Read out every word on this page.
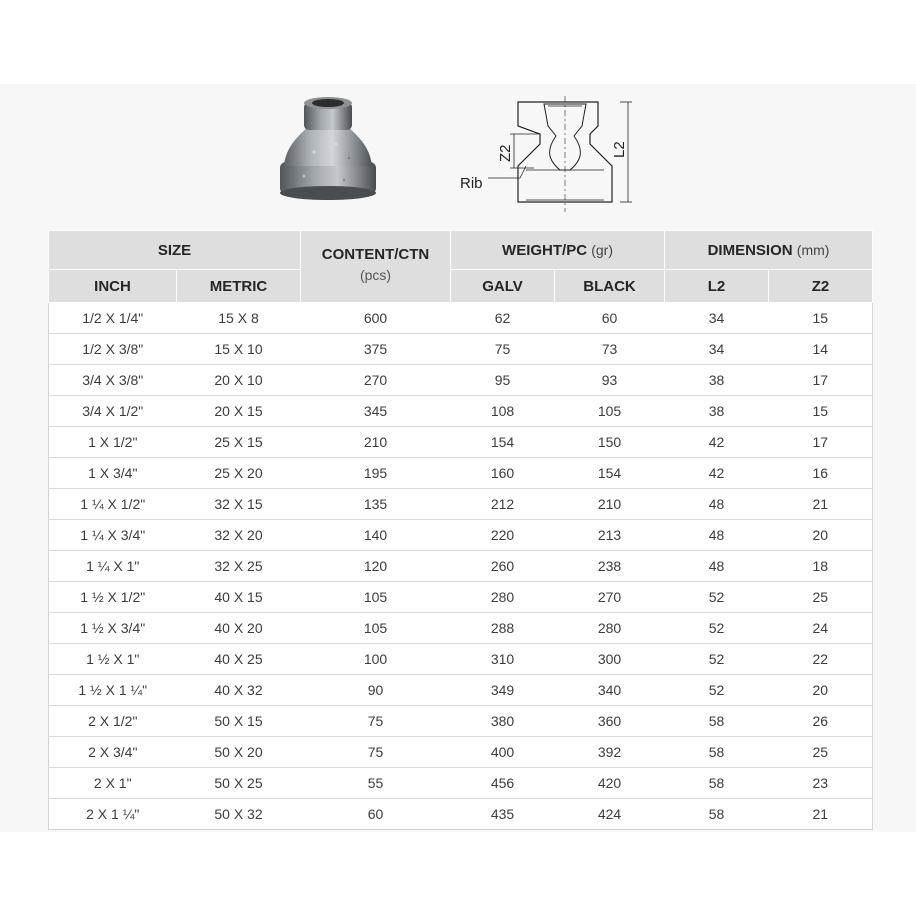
L2
Z2
Rib
SIZE		CONTENT/CTN
(pcs)	WEIGHT/PC (gr)		DIMENSION (mm)	
INCH	METRIC		GALV	BLACK	L2	Z2
1/2 X 1/4"	15 X 8	600	62	60	34	15
1/2 X 3/8"	15 X 10	375	75	73	34	14
3/4 X 3/8"	20 X 10	270	95	93	38	17
3/4 X 1/2"	20 X 15	345	108	105	38	15
1 X 1/2"	25 X 15	210	154	150	42	17
1 X 3/4"	25 X 20	195	160	154	42	16
1 ¼ X 1/2"	32 X 15	135	212	210	48	21
1 ¼ X 3/4"	32 X 20	140	220	213	48	20
1 ¼ X 1"	32 X 25	120	260	238	48	18
1 ½ X 1/2"	40 X 15	105	280	270	52	25
1 ½ X 3/4"	40 X 20	105	288	280	52	24
1 ½ X 1"	40 X 25	100	310	300	52	22
1 ½ X 1 ¼"	40 X 32	90	349	340	52	20
2 X 1/2"	50 X 15	75	380	360	58	26
2 X 3/4"	50 X 20	75	400	392	58	25
2 X 1"	50 X 25	55	456	420	58	23
2 X 1 ¼"	50 X 32	60	435	424	58	21
